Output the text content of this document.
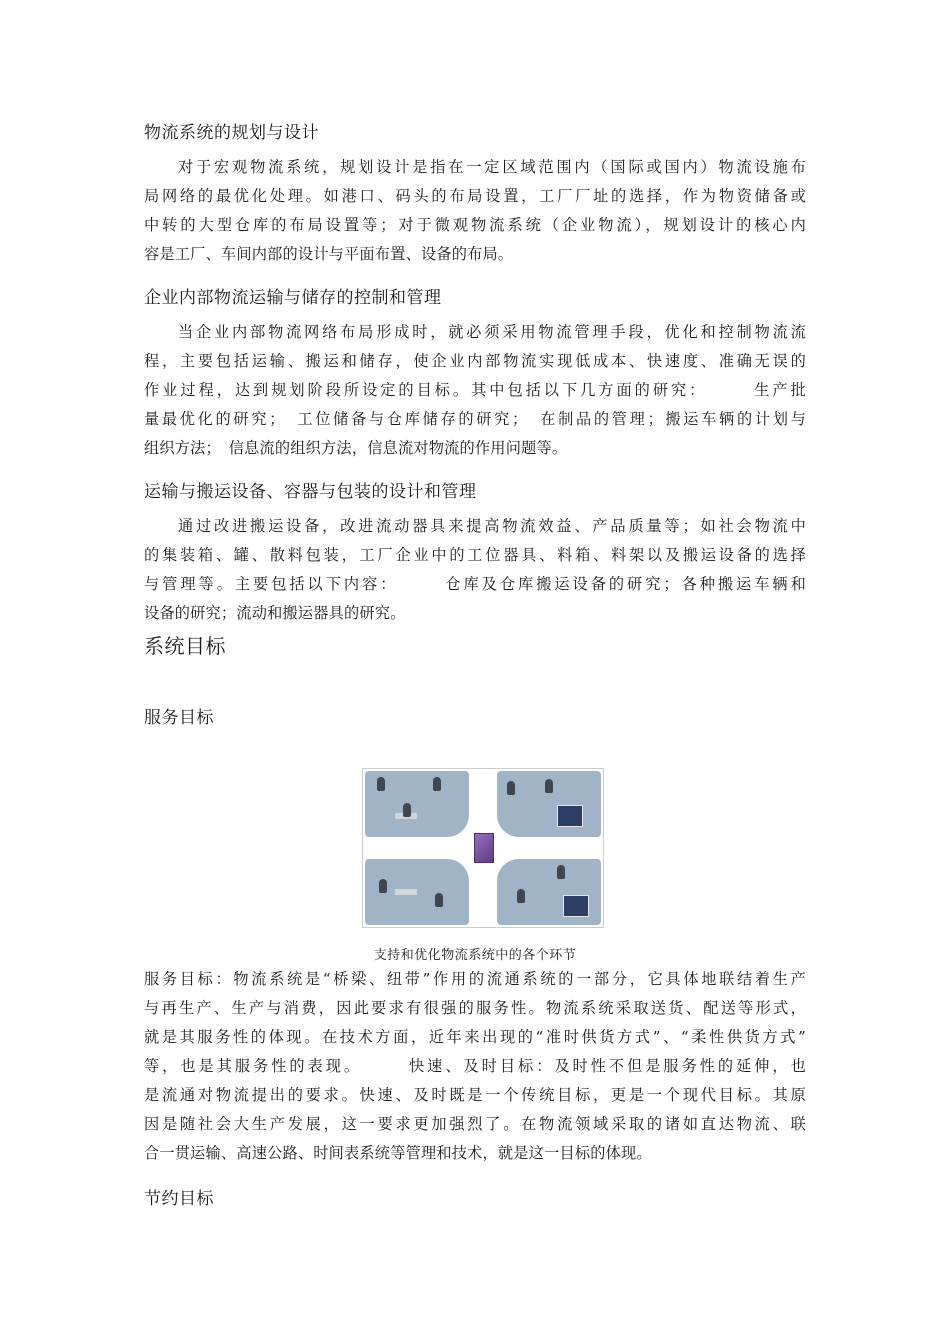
物流系统的规划与设计
对于宏观物流系统，规划设计是指在一定区域范围内（国际或国内）物流设施布
局网络的最优化处理。如港口、码头的布局设置，工厂厂址的选择，作为物资储备或
中转的大型仓库的布局设置等；对于微观物流系统（企业物流），规划设计的核心内
容是工厂、车间内部的设计与平面布置、设备的布局。
企业内部物流运输与储存的控制和管理
当企业内部物流网络布局形成时，就必须采用物流管理手段，优化和控制物流流
程，主要包括运输、搬运和储存，使企业内部物流实现低成本、快速度、准确无误的
作业过程，达到规划阶段所设定的目标。其中包括以下几方面的研究：　　　生产批
量最优化的研究；　工位储备与仓库储存的研究；　在制品的管理；搬运车辆的计划与
组织方法；　信息流的组织方法，信息流对物流的作用问题等。
运输与搬运设备、容器与包装的设计和管理
通过改进搬运设备，改进流动器具来提高物流效益、产品质量等；如社会物流中
的集装箱、罐、散料包装，工厂企业中的工位器具、料箱、料架以及搬运设备的选择
与管理等。主要包括以下内容：　　　仓库及仓库搬运设备的研究；各种搬运车辆和
设备的研究；流动和搬运器具的研究。
系统目标
服务目标
支持和优化物流系统中的各个环节
服务目标：物流系统是“桥梁、纽带”作用的流通系统的一部分，它具体地联结着生产
与再生产、生产与消费，因此要求有很强的服务性。物流系统采取送货、配送等形式，
就是其服务性的体现。在技术方面，近年来出现的“准时供货方式”、“柔性供货方式”
等，也是其服务性的表现。　　　快速、及时目标：及时性不但是服务性的延伸，也
是流通对物流提出的要求。快速、及时既是一个传统目标，更是一个现代目标。其原
因是随社会大生产发展，这一要求更加强烈了。在物流领域采取的诸如直达物流、联
合一贯运输、高速公路、时间表系统等管理和技术，就是这一目标的体现。
节约目标
